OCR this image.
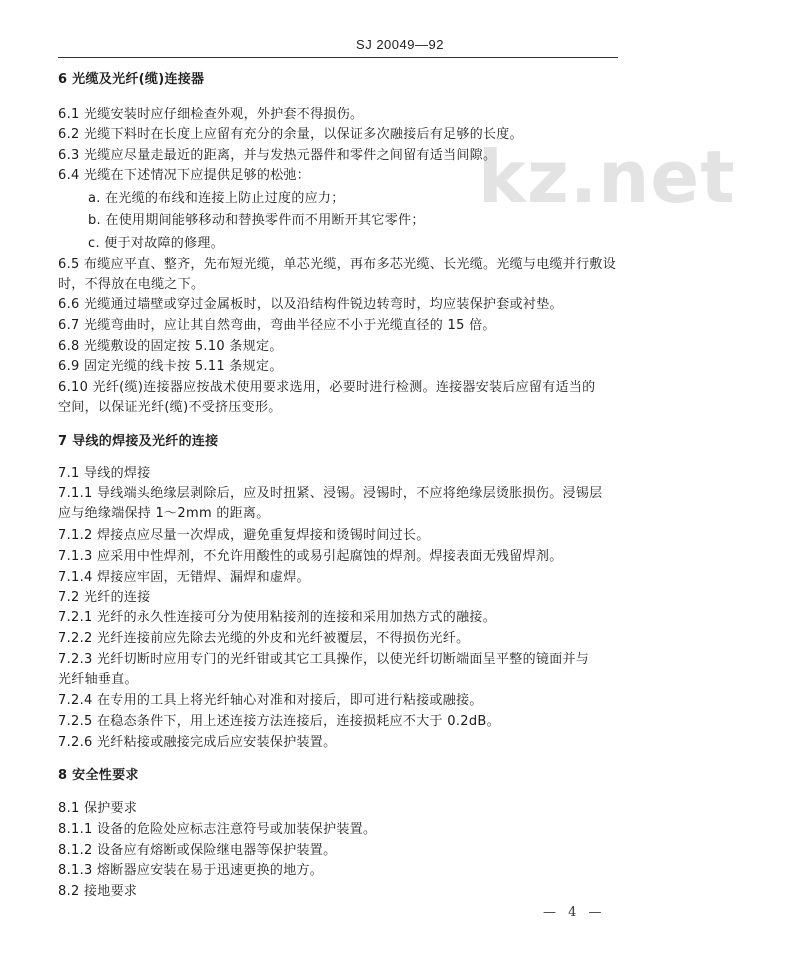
SJ 20049—92
kz.net
6 光缆及光纤(缆)连接器
6.1 光缆安装时应仔细检查外观，外护套不得损伤。
6.2 光缆下料时在长度上应留有充分的余量，以保证多次融接后有足够的长度。
6.3 光缆应尽量走最近的距离，并与发热元器件和零件之间留有适当间隙。
6.4 光缆在下述情况下应提供足够的松弛：
a. 在光缆的布线和连接上防止过度的应力；
b. 在使用期间能够移动和替换零件而不用断开其它零件；
c. 便于对故障的修理。
6.5 布缆应平直、整齐，先布短光缆，单芯光缆，再布多芯光缆、长光缆。光缆与电缆并行敷设
时，不得放在电缆之下。
6.6 光缆通过墙壁或穿过金属板时，以及沿结构件锐边转弯时，均应装保护套或衬垫。
6.7 光缆弯曲时，应让其自然弯曲，弯曲半径应不小于光缆直径的 15 倍。
6.8 光缆敷设的固定按 5.10 条规定。
6.9 固定光缆的线卡按 5.11 条规定。
6.10 光纤(缆)连接器应按战术使用要求选用，必要时进行检测。连接器安装后应留有适当的
空间，以保证光纤(缆)不受挤压变形。
7 导线的焊接及光纤的连接
7.1 导线的焊接
7.1.1 导线端头绝缘层剥除后，应及时扭紧、浸锡。浸锡时，不应将绝缘层烫胀损伤。浸锡层
应与绝缘端保持 1～2mm 的距离。
7.1.2 焊接点应尽量一次焊成，避免重复焊接和烫锡时间过长。
7.1.3 应采用中性焊剂，不允许用酸性的或易引起腐蚀的焊剂。焊接表面无残留焊剂。
7.1.4 焊接应牢固，无错焊、漏焊和虚焊。
7.2 光纤的连接
7.2.1 光纤的永久性连接可分为使用粘接剂的连接和采用加热方式的融接。
7.2.2 光纤连接前应先除去光缆的外皮和光纤被覆层，不得损伤光纤。
7.2.3 光纤切断时应用专门的光纤钳或其它工具操作，以使光纤切断端面呈平整的镜面并与
光纤轴垂直。
7.2.4 在专用的工具上将光纤轴心对准和对接后，即可进行粘接或融接。
7.2.5 在稳态条件下，用上述连接方法连接后，连接损耗应不大于 0.2dB。
7.2.6 光纤粘接或融接完成后应安装保护装置。
8 安全性要求
8.1 保护要求
8.1.1 设备的危险处应标志注意符号或加装保护装置。
8.1.2 设备应有熔断或保险继电器等保护装置。
8.1.3 熔断器应安装在易于迅速更换的地方。
8.2 接地要求
— 4 —
